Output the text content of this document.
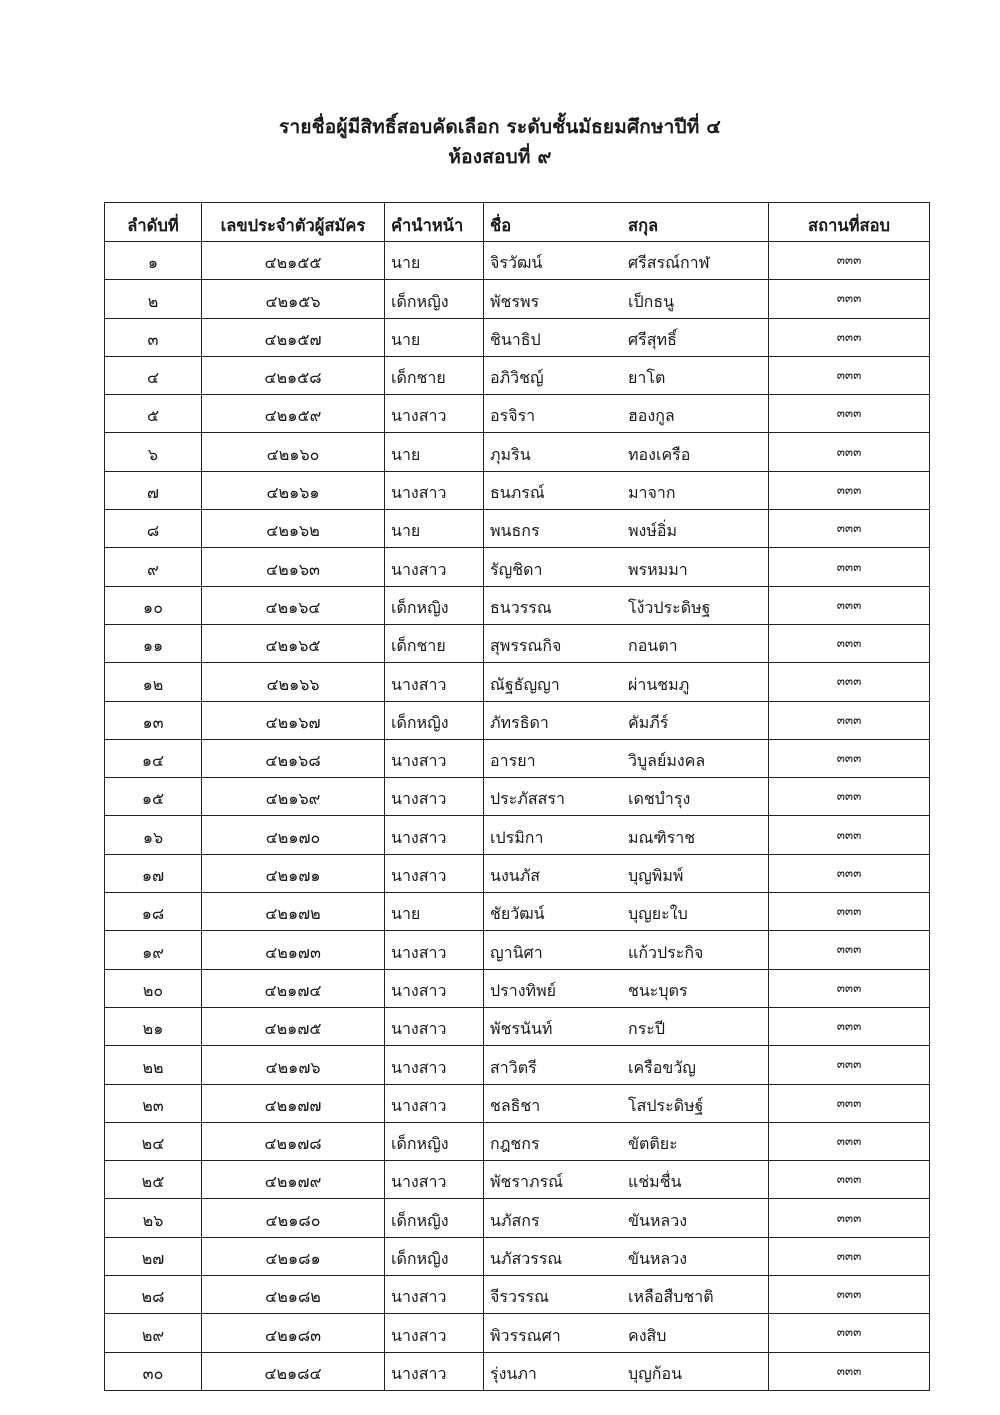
รายชื่อผู้มีสิทธิ์สอบคัดเลือก ระดับชั้นมัธยมศึกษาปีที่ ๔
ห้องสอบที่ ๙
ลำดับที่	เลขประจำตัวผู้สมัคร	คำนำหน้า	ชื่อ	สกุล	สถานที่สอบ
๑	๔๒๑๕๕	นาย	จิรวัฒน์	ศรีสรณ์กาฬ	๓๓๓
๒	๔๒๑๕๖	เด็กหญิง	พัชรพร	เป็กธนู	๓๓๓
๓	๔๒๑๕๗	นาย	ชินาธิป	ศรีสุทธิ์	๓๓๓
๔	๔๒๑๕๘	เด็กชาย	อภิวิชญ์	ยาโต	๓๓๓
๕	๔๒๑๕๙	นางสาว	อรจิรา	ฮองกูล	๓๓๓
๖	๔๒๑๖๐	นาย	ภุมริน	ทองเครือ	๓๓๓
๗	๔๒๑๖๑	นางสาว	ธนภรณ์	มาจาก	๓๓๓
๘	๔๒๑๖๒	นาย	พนธกร	พงษ์อิ่ม	๓๓๓
๙	๔๒๑๖๓	นางสาว	รัญชิดา	พรหมมา	๓๓๓
๑๐	๔๒๑๖๔	เด็กหญิง	ธนวรรณ	โง้วประดิษฐ	๓๓๓
๑๑	๔๒๑๖๕	เด็กชาย	สุพรรณกิจ	กอนตา	๓๓๓
๑๒	๔๒๑๖๖	นางสาว	ณัฐธัญญา	ผ่านชมภู	๓๓๓
๑๓	๔๒๑๖๗	เด็กหญิง	ภัทรธิดา	คัมภีร์	๓๓๓
๑๔	๔๒๑๖๘	นางสาว	อารยา	วิบูลย์มงคล	๓๓๓
๑๕	๔๒๑๖๙	นางสาว	ประภัสสรา	เดชบำรุง	๓๓๓
๑๖	๔๒๑๗๐	นางสาว	เปรมิกา	มณฑิราช	๓๓๓
๑๗	๔๒๑๗๑	นางสาว	นงนภัส	บุญพิมพ์	๓๓๓
๑๘	๔๒๑๗๒	นาย	ชัยวัฒน์	บุญยะใบ	๓๓๓
๑๙	๔๒๑๗๓	นางสาว	ญานิศา	แก้วประกิจ	๓๓๓
๒๐	๔๒๑๗๔	นางสาว	ปรางทิพย์	ชนะบุตร	๓๓๓
๒๑	๔๒๑๗๕	นางสาว	พัชรนันท์	กระปี	๓๓๓
๒๒	๔๒๑๗๖	นางสาว	สาวิตรี	เครือขวัญ	๓๓๓
๒๓	๔๒๑๗๗	นางสาว	ชลธิชา	โสประดิษฐ์	๓๓๓
๒๔	๔๒๑๗๘	เด็กหญิง	กฎชกร	ขัตติยะ	๓๓๓
๒๕	๔๒๑๗๙	นางสาว	พัชราภรณ์	แช่มชื่น	๓๓๓
๒๖	๔๒๑๘๐	เด็กหญิง	นภัสกร	ขันหลวง	๓๓๓
๒๗	๔๒๑๘๑	เด็กหญิง	นภัสวรรณ	ขันหลวง	๓๓๓
๒๘	๔๒๑๘๒	นางสาว	จีรวรรณ	เหลือสืบชาติ	๓๓๓
๒๙	๔๒๑๘๓	นางสาว	พิวรรณศา	คงสิบ	๓๓๓
๓๐	๔๒๑๘๔	นางสาว	รุ่งนภา	บุญก้อน	๓๓๓
